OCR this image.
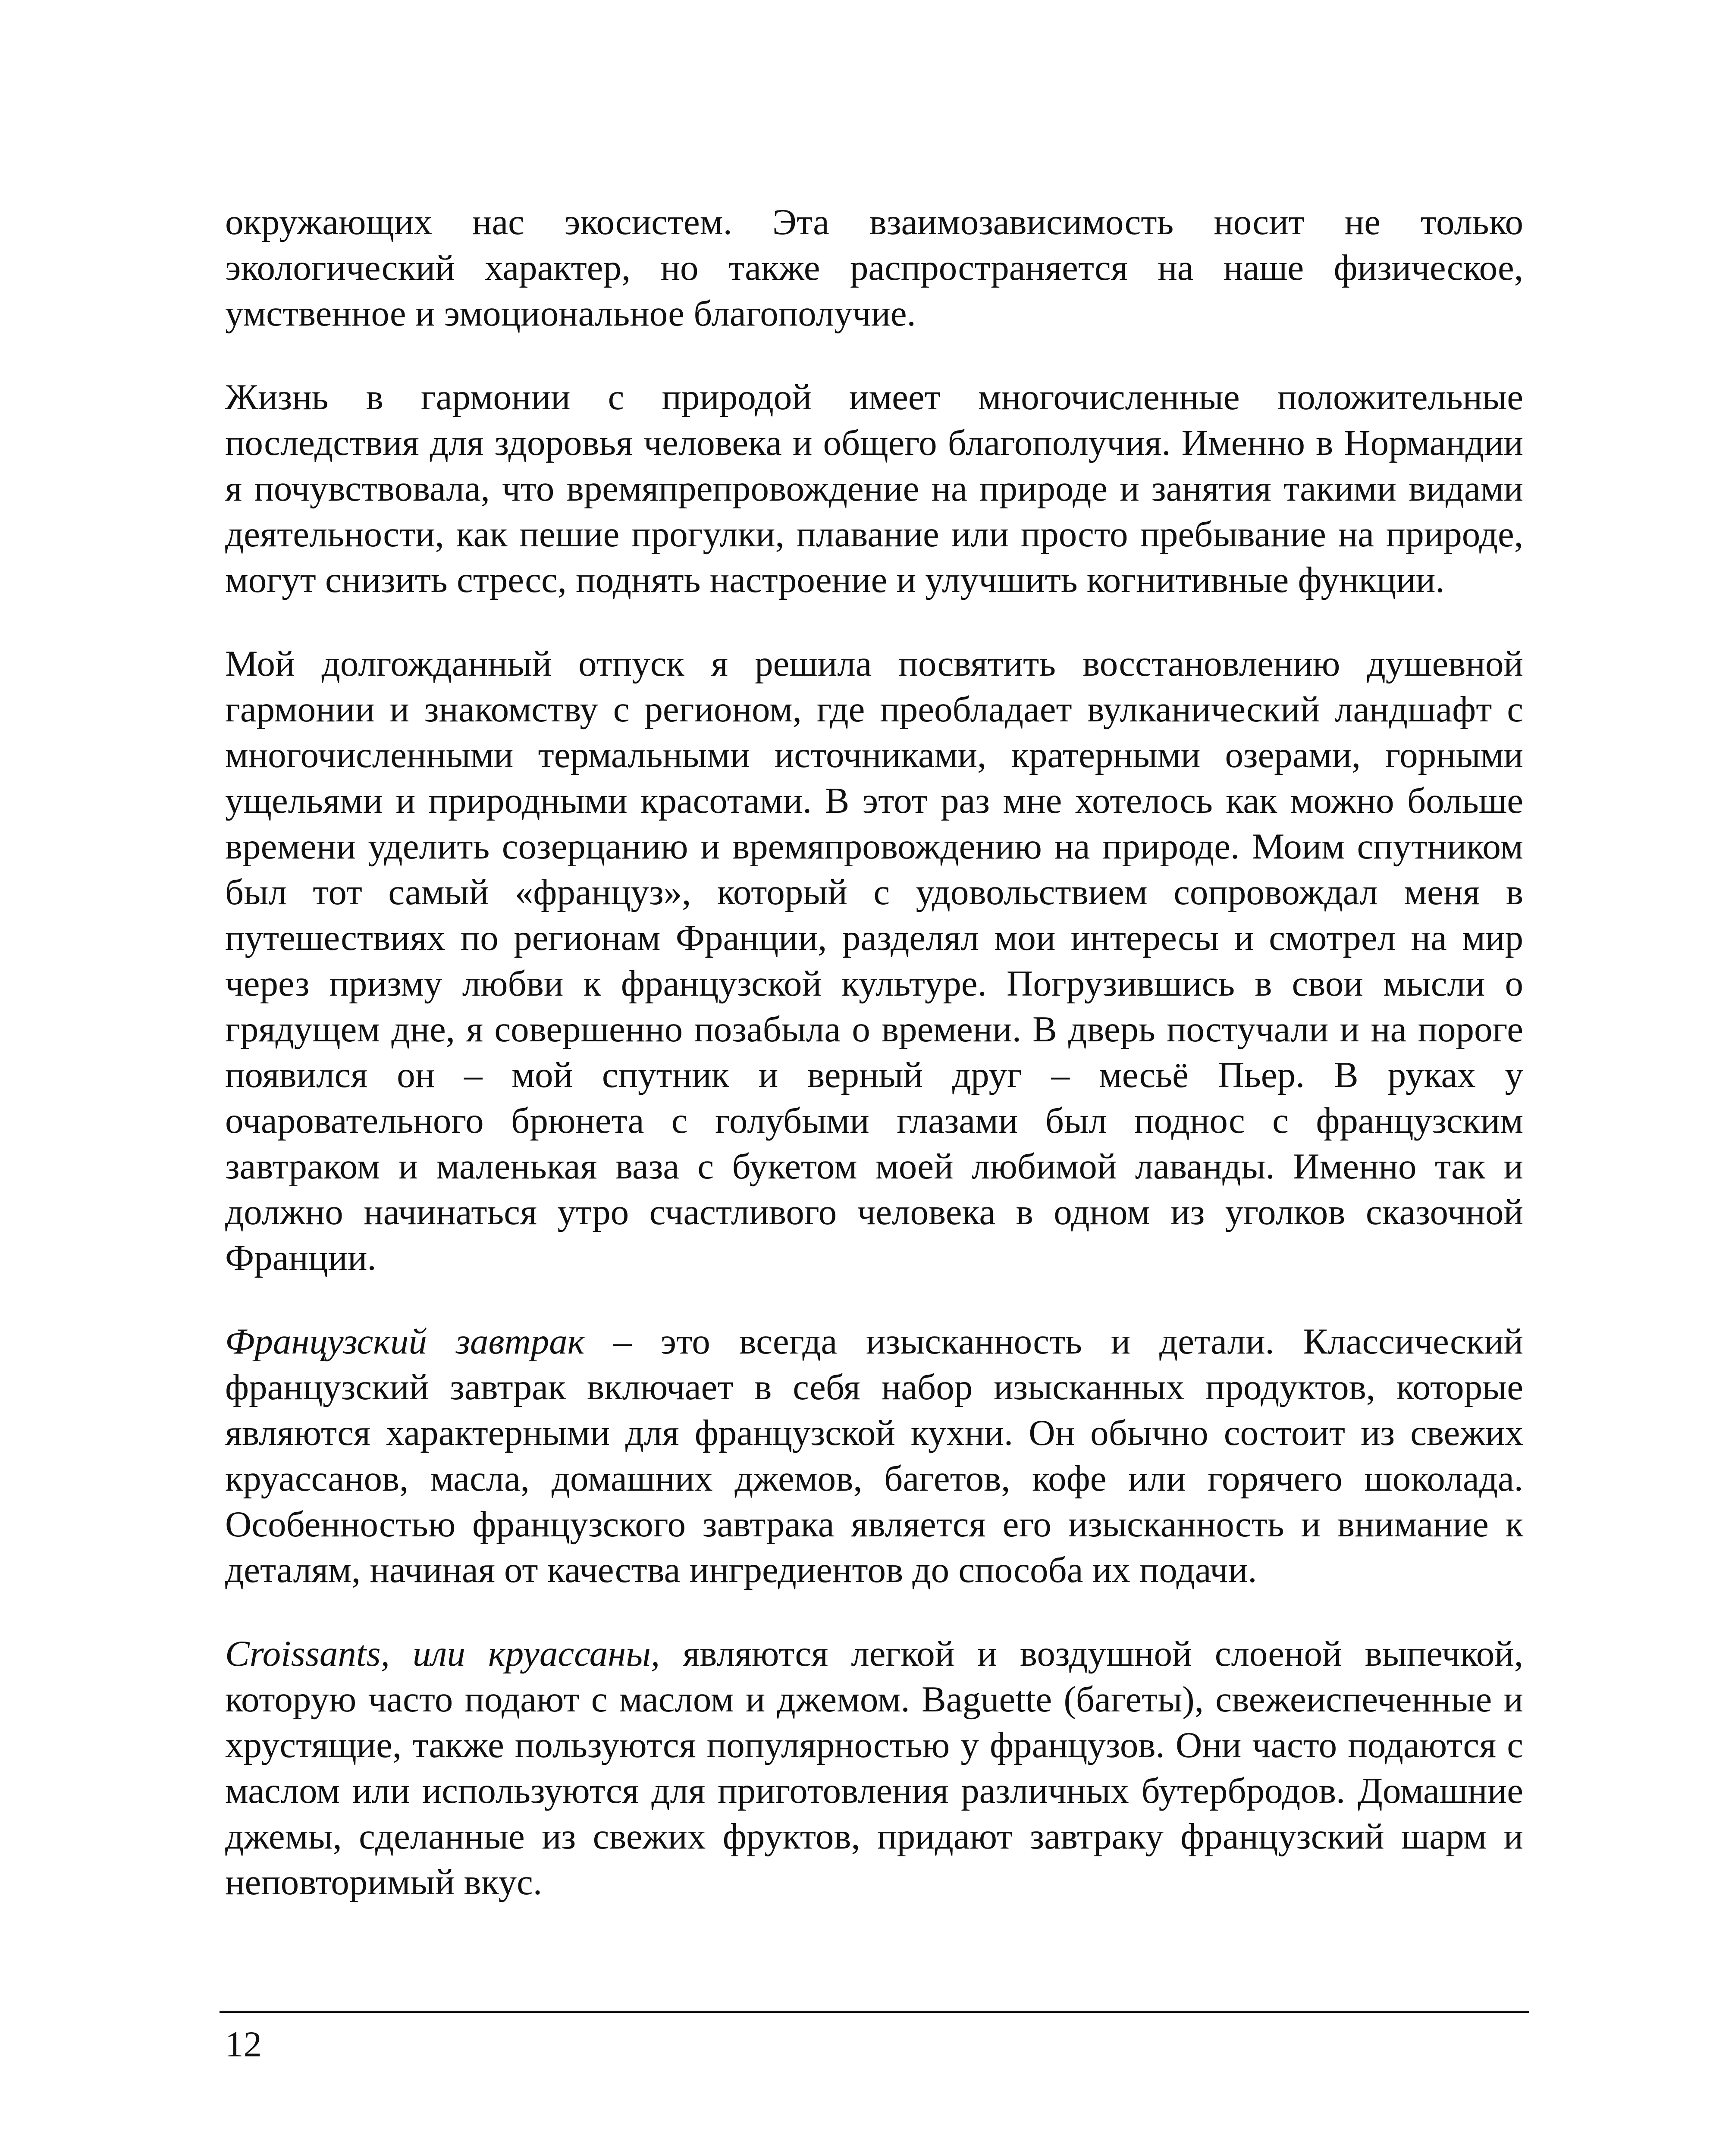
окружающих нас экосистем. Эта взаимозависимость носит не только экологический характер, но также распространяется на наше физическое, умственное и эмоциональное благополучие.

Жизнь в гармонии с природой имеет многочисленные положительные последствия для здоровья человека и общего благополучия. Именно в Нормандии я почувствовала, что времяпрепровождение на природе и занятия такими видами деятельности, как пешие прогулки, плавание или просто пребывание на природе, могут снизить стресс, поднять настроение и улучшить когнитивные функции.

Мой долгожданный отпуск я решила посвятить восстановлению душевной гармонии и знакомству с регионом, где преобладает вулканический ландшафт с многочисленными термальными источниками, кратерными озерами, горными ущельями и природными красотами. В этот раз мне хотелось как можно больше времени уделить созерцанию и времяпровождению на природе. Моим спутником был тот самый «француз», который с удовольствием сопровождал меня в путешествиях по регионам Франции, разделял мои интересы и смотрел на мир через призму любви к французской культуре. Погрузившись в свои мысли о грядущем дне, я совершенно позабыла о времени. В дверь постучали и на пороге появился он – мой спутник и верный друг – месьё Пьер. В руках у очаровательного брюнета с голубыми глазами был поднос с французским завтраком и маленькая ваза с букетом моей любимой лаванды. Именно так и должно начинаться утро счастливого человека в одном из уголков сказочной Франции.

Французский завтрак – это всегда изысканность и детали. Классический французский завтрак включает в себя набор изысканных продуктов, которые являются характерными для французской кухни. Он обычно состоит из свежих круассанов, масла, домашних джемов, багетов, кофе или горячего шоколада. Особенностью французского завтрака является его изысканность и внимание к деталям, начиная от качества ингредиентов до способа их подачи.

Croissants, или круассаны, являются легкой и воздушной слоеной выпечкой, которую часто подают с маслом и джемом. Baguette (багеты), свежеиспеченные и хрустящие, также пользуются популярностью у французов. Они часто подаются с маслом или используются для приготовления различных бутербродов. Домашние джемы, сделанные из свежих фруктов, придают завтраку французский шарм и неповторимый вкус.

12
